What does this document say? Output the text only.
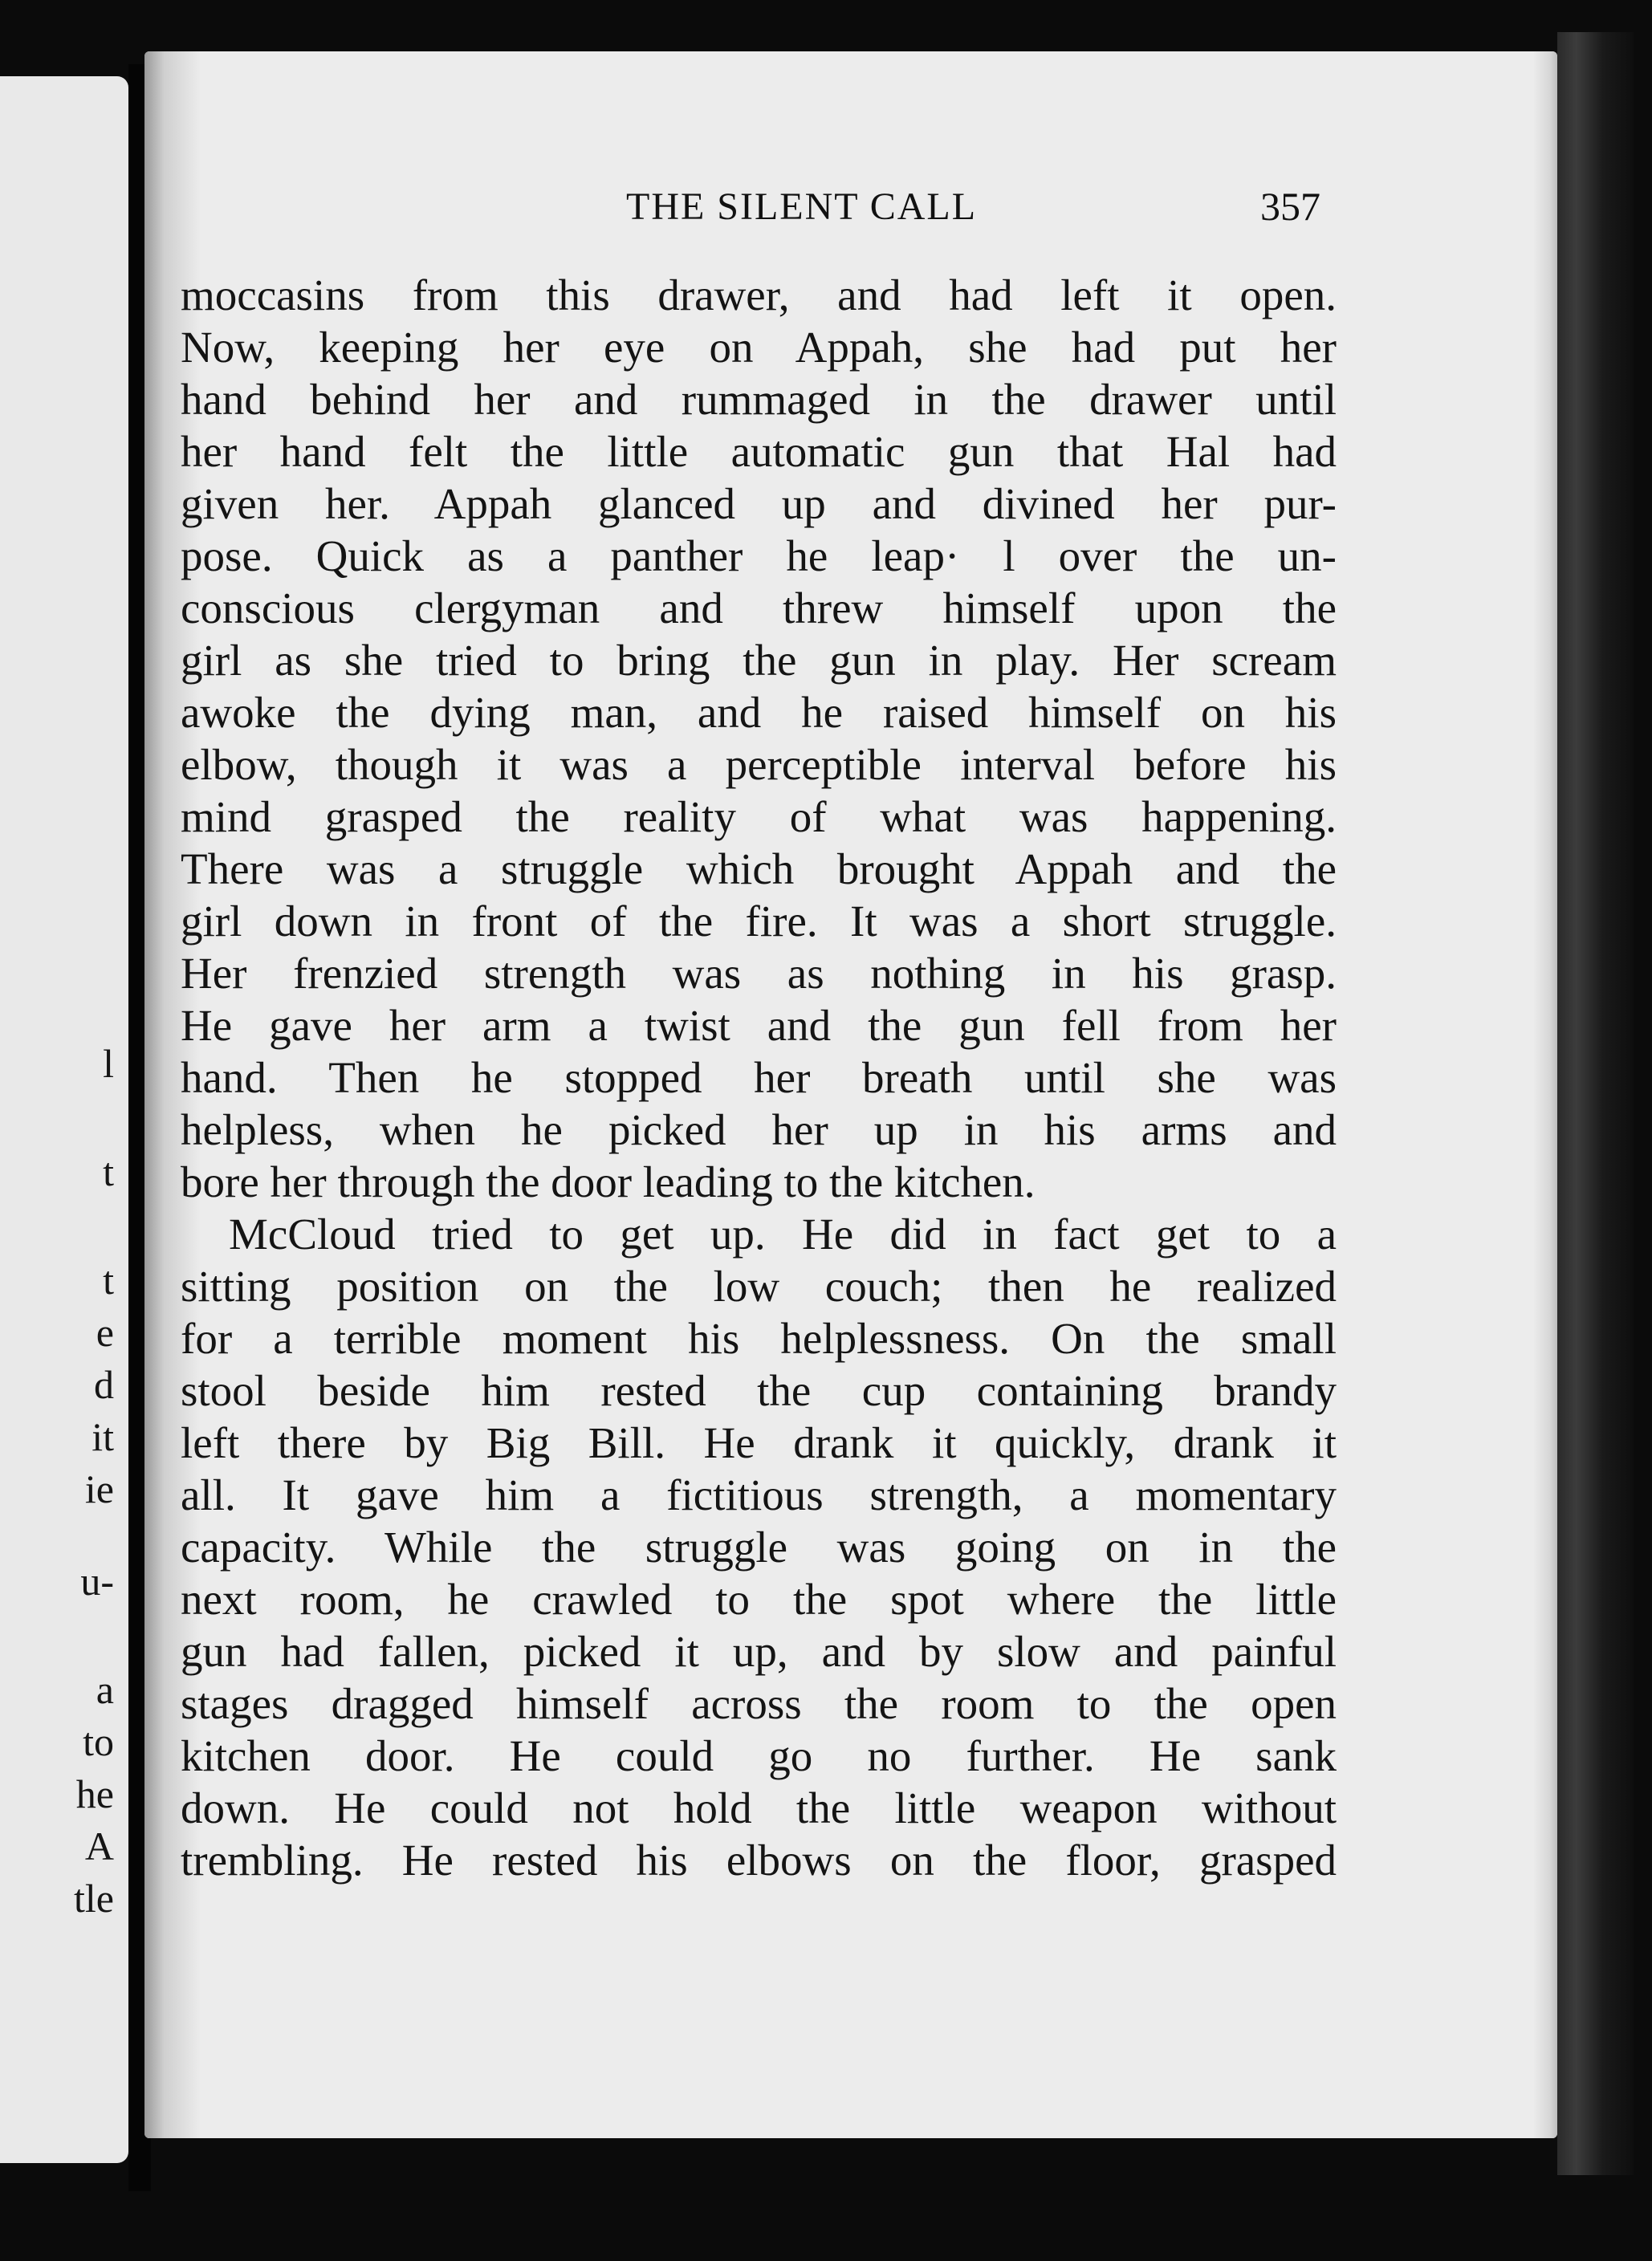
l
t
t
e
d
it
ie
u-
a
to
he
A
tle
THE SILENT CALL	357
moccasins from this drawer, and had left it open.
Now, keeping her eye on Appah, she had put her
hand behind her and rummaged in the drawer until
her hand felt the little automatic gun that Hal had
given her. Appah glanced up and divined her pur-
pose. Quick as a panther he leap· l over the un-
conscious clergyman and threw himself upon the
girl as she tried to bring the gun in play. Her scream
awoke the dying man, and he raised himself on his
elbow, though it was a perceptible interval before his
mind grasped the reality of what was happening.
There was a struggle which brought Appah and the
girl down in front of the fire. It was a short struggle.
Her frenzied strength was as nothing in his grasp.
He gave her arm a twist and the gun fell from her
hand. Then he stopped her breath until she was
helpless, when he picked her up in his arms and
bore her through the door leading to the kitchen.
McCloud tried to get up. He did in fact get to a
sitting position on the low couch; then he realized
for a terrible moment his helplessness. On the small
stool beside him rested the cup containing brandy
left there by Big Bill. He drank it quickly, drank it
all. It gave him a fictitious strength, a momentary
capacity. While the struggle was going on in the
next room, he crawled to the spot where the little
gun had fallen, picked it up, and by slow and painful
stages dragged himself across the room to the open
kitchen door. He could go no further. He sank
down. He could not hold the little weapon without
trembling. He rested his elbows on the floor, grasped
